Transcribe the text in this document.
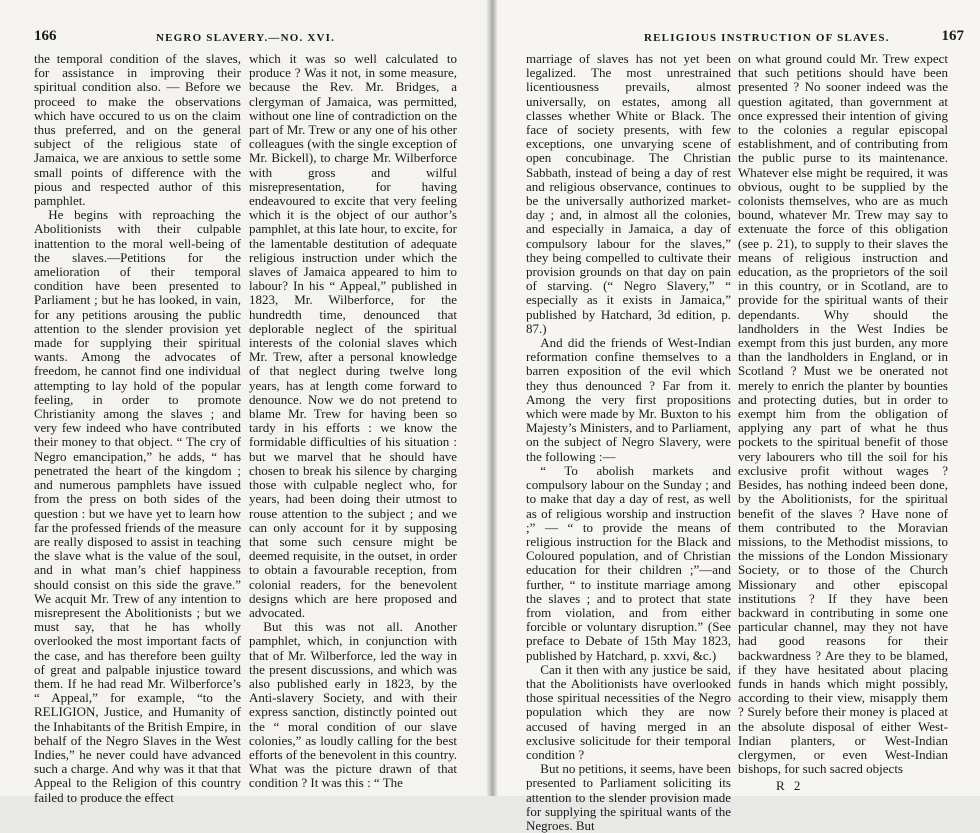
166	NEGRO SLAVERY.—NO. XVI.	RELIGIOUS INSTRUCTION OF SLAVES.	167

the temporal condition of the slaves, for assistance in improving their spiritual condition also. — Before we proceed to make the observations which have occured to us on the claim thus preferred, and on the general subject of the religious state of Jamaica, we are anxious to settle some small points of difference with the pious and respected author of this pamphlet.

He begins with reproaching the Abolitionists with their culpable inattention to the moral well-being of the slaves.—Petitions for the amelioration of their temporal condition have been presented to Parliament ; but he has looked, in vain, for any petitions arousing the public attention to the slender provision yet made for supplying their spiritual wants. Among the advocates of freedom, he cannot find one individual attempting to lay hold of the popular feeling, in order to promote Christianity among the slaves ; and very few indeed who have contributed their money to that object. “ The cry of Negro emancipation,” he adds, “ has penetrated the heart of the kingdom ; and numerous pamphlets have issued from the press on both sides of the question : but we have yet to learn how far the professed friends of the measure are really disposed to assist in teaching the slave what is the value of the soul, and in what man’s chief happiness should consist on this side the grave.” We acquit Mr. Trew of any intention to misrepresent the Abolitionists ; but we must say, that he has wholly overlooked the most important facts of the case, and has therefore been guilty of great and palpable injustice toward them. If he had read Mr. Wilberforce’s “ Appeal,” for example, “to the RELIGION, Justice, and Humanity of the Inhabitants of the British Empire, in behalf of the Negro Slaves in the West Indies,” he never could have advanced such a charge. And why was it that that Appeal to the Religion of this country failed to produce the effect

which it was so well calculated to produce ? Was it not, in some measure, because the Rev. Mr. Bridges, a clergyman of Jamaica, was permitted, without one line of contradiction on the part of Mr. Trew or any one of his other colleagues (with the single exception of Mr. Bickell), to charge Mr. Wilberforce with gross and wilful misrepresentation, for having endeavoured to excite that very feeling which it is the object of our author’s pamphlet, at this late hour, to excite, for the lamentable destitution of adequate religious instruction under which the slaves of Jamaica appeared to him to labour? In his “ Appeal,” published in 1823, Mr. Wilberforce, for the hundredth time, denounced that deplorable neglect of the spiritual interests of the colonial slaves which Mr. Trew, after a personal knowledge of that neglect during twelve long years, has at length come forward to denounce. Now we do not pretend to blame Mr. Trew for having been so tardy in his efforts : we know the formidable difficulties of his situation : but we marvel that he should have chosen to break his silence by charging those with culpable neglect who, for years, had been doing their utmost to rouse attention to the subject ; and we can only account for it by supposing that some such censure might be deemed requisite, in the outset, in order to obtain a favourable reception, from colonial readers, for the benevolent designs which are here proposed and advocated.

But this was not all. Another pamphlet, which, in conjunction with that of Mr. Wilberforce, led the way in the present discussions, and which was also published early in 1823, by the Anti-slavery Society, and with their express sanction, distinctly pointed out the “ moral condition of our slave colonies,” as loudly calling for the best efforts of the benevolent in this country. What was the picture drawn of that condition ? It was this : “ The

marriage of slaves has not yet been legalized. The most unrestrained licentiousness prevails, almost universally, on estates, among all classes whether White or Black. The face of society presents, with few exceptions, one unvarying scene of open concubinage. The Christian Sabbath, instead of being a day of rest and religious observance, continues to be the universally authorized market-day ; and, in almost all the colonies, and especially in Jamaica, a day of compulsory labour for the slaves,” they being compelled to cultivate their provision grounds on that day on pain of starving. (“ Negro Slavery,” “ especially as it exists in Jamaica,” published by Hatchard, 3d edition, p. 87.)

And did the friends of West-Indian reformation confine themselves to a barren exposition of the evil which they thus denounced ? Far from it. Among the very first propositions which were made by Mr. Buxton to his Majesty’s Ministers, and to Parliament, on the subject of Negro Slavery, were the following :—

“ To abolish markets and compulsory labour on the Sunday ; and to make that day a day of rest, as well as of religious worship and instruction ;” — “ to provide the means of religious instruction for the Black and Coloured population, and of Christian education for their children ;”—and further, “ to institute marriage among the slaves ; and to protect that state from violation, and from either forcible or voluntary disruption.” (See preface to Debate of 15th May 1823, published by Hatchard, p. xxvi, &c.)

Can it then with any justice be said, that the Abolitionists have overlooked those spiritual necessities of the Negro population which they are now accused of having merged in an exclusive solicitude for their temporal condition ?

But no petitions, it seems, have been presented to Parliament soliciting its attention to the slender provision made for supplying the spiritual wants of the Negroes. But

on what ground could Mr. Trew expect that such petitions should have been presented ? No sooner indeed was the question agitated, than government at once expressed their intention of giving to the colonies a regular episcopal establishment, and of contributing from the public purse to its maintenance. Whatever else might be required, it was obvious, ought to be supplied by the colonists themselves, who are as much bound, whatever Mr. Trew may say to extenuate the force of this obligation (see p. 21), to supply to their slaves the means of religious instruction and education, as the proprietors of the soil in this country, or in Scotland, are to provide for the spiritual wants of their dependants. Why should the landholders in the West Indies be exempt from this just burden, any more than the landholders in England, or in Scotland ? Must we be onerated not merely to enrich the planter by bounties and protecting duties, but in order to exempt him from the obligation of applying any part of what he thus pockets to the spiritual benefit of those very labourers who till the soil for his exclusive profit without wages ? Besides, has nothing indeed been done, by the Abolitionists, for the spiritual benefit of the slaves ? Have none of them contributed to the Moravian missions, to the Methodist missions, to the missions of the London Missionary Society, or to those of the Church Missionary and other episcopal institutions ? If they have been backward in contributing in some one particular channel, may they not have had good reasons for their backwardness ? Are they to be blamed, if they have hesitated about placing funds in hands which might possibly, according to their view, misapply them ? Surely before their money is placed at the absolute disposal of either West-Indian planters, or West-Indian clergymen, or even West-Indian bishops, for such sacred objects

R 2
